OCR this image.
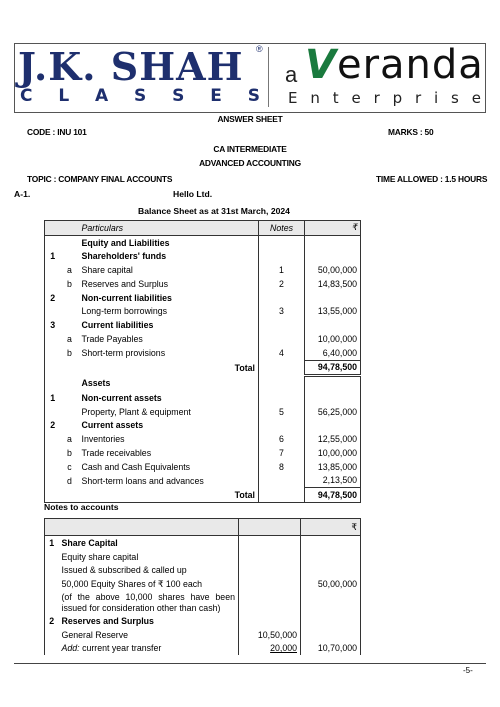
J.K. SHAH ®
C L A S S E S
a Veranda
E n t e r p r i s e
ANSWER SHEET
CODE : INU 101	MARKS : 50
CA INTERMEDIATE
ADVANCED ACCOUNTING
TOPIC : COMPANY FINAL ACCOUNTS	TIME ALLOWED : 1.5 HOURS
A-1.	Hello Ltd.
Balance Sheet as at 31st March, 2024
		Particulars	Notes	₹
		Equity and Liabilities		
1		Shareholders' funds		
	a	Share capital	1	50,00,000
	b	Reserves and Surplus	2	14,83,500
2		Non-current liabilities		
		Long-term borrowings	3	13,55,000
3		Current liabilities		
	a	Trade Payables		10,00,000
	b	Short-term provisions	4	6,40,000
		Total		94,78,500
		Assets		
1		Non-current assets		
		Property, Plant & equipment	5	56,25,000
2		Current assets		
	a	Inventories	6	12,55,000
	b	Trade receivables	7	10,00,000
	c	Cash and Cash Equivalents	8	13,85,000
	d	Short-term loans and advances		2,13,500
		Total		94,78,500
Notes to accounts
			₹
1	Share Capital		
	Equity share capital		
	Issued & subscribed & called up		
	50,000 Equity Shares of ₹ 100 each		50,00,000
	(of the above 10,000 shares have been issued for consideration other than cash)		
2	Reserves and Surplus		
	General Reserve	10,50,000	
	Add: current year transfer	20,000	10,70,000
-5-
